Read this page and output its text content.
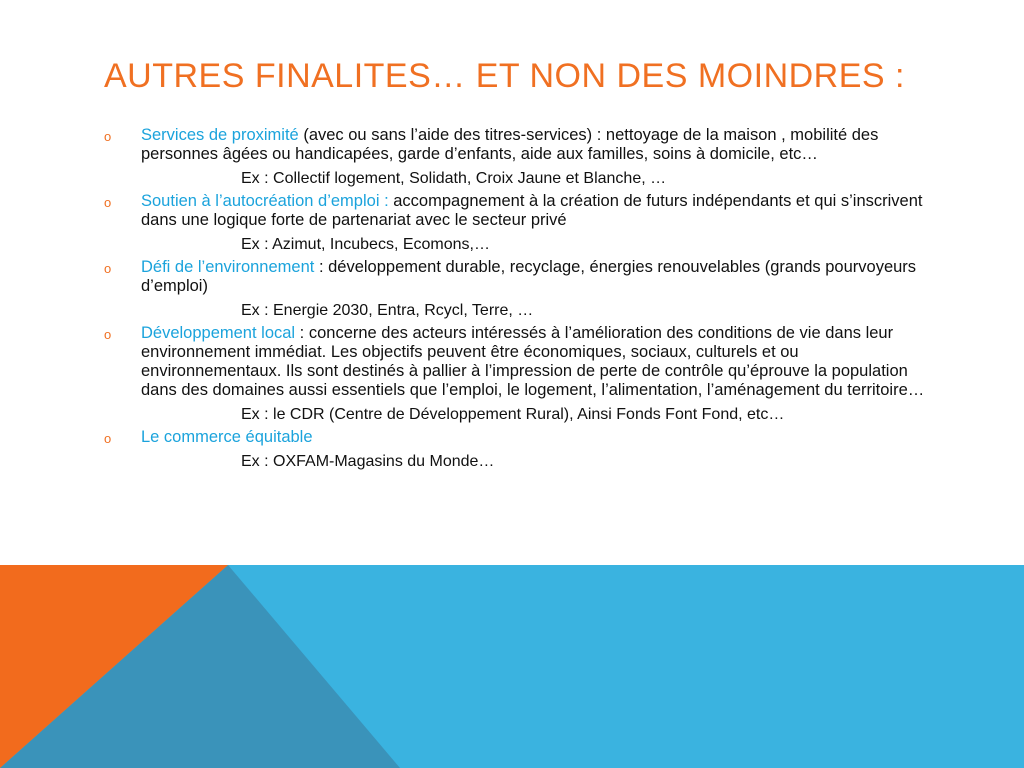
AUTRES FINALITES… ET NON DES MOINDRES :
o Services de proximité (avec ou sans l’aide des titres-services) : nettoyage de la maison , mobilité des personnes âgées ou handicapées, garde d’enfants, aide aux familles, soins à domicile, etc…
Ex : Collectif logement, Solidath, Croix Jaune et Blanche, …
o Soutien à l’autocréation d’emploi : accompagnement à la création de futurs indépendants et qui s’inscrivent dans une logique forte de partenariat avec le secteur privé
Ex : Azimut, Incubecs, Ecomons,…
o Défi de l’environnement : développement durable, recyclage, énergies renouvelables (grands pourvoyeurs d’emploi)
Ex : Energie 2030, Entra, Rcycl, Terre, …
o Développement local : concerne des acteurs intéressés à l’amélioration des conditions de vie dans leur environnement immédiat. Les objectifs peuvent être économiques, sociaux, culturels et ou environnementaux. Ils sont destinés à pallier à l’impression de perte de contrôle qu’éprouve la population dans des domaines aussi essentiels que l’emploi, le logement, l’alimentation, l’aménagement du territoire…
Ex : le CDR (Centre de Développement Rural), Ainsi Fonds Font Fond, etc…
o Le commerce équitable
Ex : OXFAM-Magasins du Monde…
